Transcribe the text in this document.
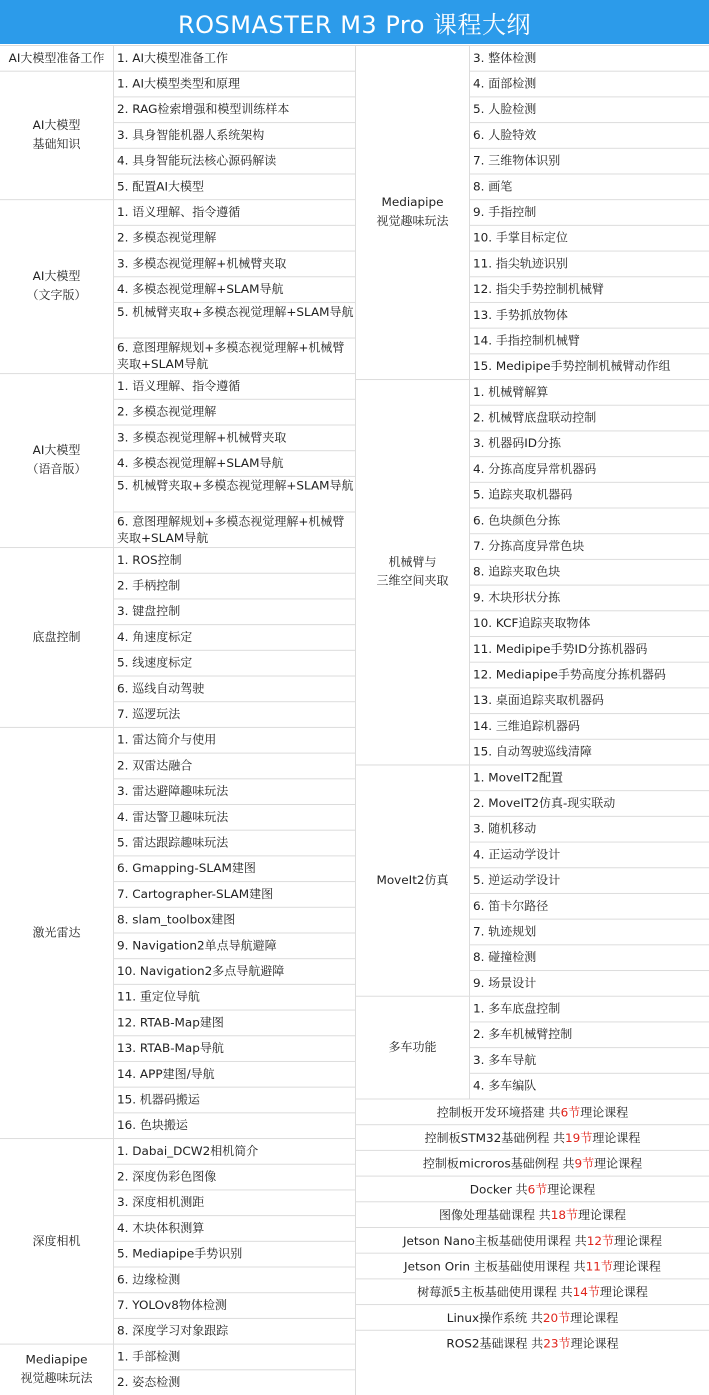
ROSMASTER M3 Pro 课程大纲
AI大模型准备工作	1. AI大模型准备工作
AI大模型
基础知识
1. AI大模型类型和原理
2. RAG检索增强和模型训练样本
3. 具身智能机器人系统架构
4. 具身智能玩法核心源码解读
5. 配置AI大模型
AI大模型
（文字版）
1. 语义理解、指令遵循
2. 多模态视觉理解
3. 多模态视觉理解+机械臂夹取
4. 多模态视觉理解+SLAM导航
5. 机械臂夹取+多模态视觉理解+SLAM导航
6. 意图理解规划+多模态视觉理解+机械臂夹取+SLAM导航
AI大模型
（语音版）
1. 语义理解、指令遵循
2. 多模态视觉理解
3. 多模态视觉理解+机械臂夹取
4. 多模态视觉理解+SLAM导航
5. 机械臂夹取+多模态视觉理解+SLAM导航
6. 意图理解规划+多模态视觉理解+机械臂夹取+SLAM导航
底盘控制
1. ROS控制
2. 手柄控制
3. 键盘控制
4. 角速度标定
5. 线速度标定
6. 巡线自动驾驶
7. 巡逻玩法
激光雷达
1. 雷达简介与使用
2. 双雷达融合
3. 雷达避障趣味玩法
4. 雷达警卫趣味玩法
5. 雷达跟踪趣味玩法
6. Gmapping-SLAM建图
7. Cartographer-SLAM建图
8. slam_toolbox建图
9. Navigation2单点导航避障
10. Navigation2多点导航避障
11. 重定位导航
12. RTAB-Map建图
13. RTAB-Map导航
14. APP建图/导航
15. 机器码搬运
16. 色块搬运
深度相机
1. Dabai_DCW2相机简介
2. 深度伪彩色图像
3. 深度相机测距
4. 木块体积测算
5. Mediapipe手势识别
6. 边缘检测
7. YOLOv8物体检测
8. 深度学习对象跟踪
Mediapipe
视觉趣味玩法
1. 手部检测
2. 姿态检测
Mediapipe
视觉趣味玩法
3. 整体检测
4. 面部检测
5. 人脸检测
6. 人脸特效
7. 三维物体识别
8. 画笔
9. 手指控制
10. 手掌目标定位
11. 指尖轨迹识别
12. 指尖手势控制机械臂
13. 手势抓放物体
14. 手指控制机械臂
15. Medipipe手势控制机械臂动作组
机械臂与
三维空间夹取
1. 机械臂解算
2. 机械臂底盘联动控制
3. 机器码ID分拣
4. 分拣高度异常机器码
5. 追踪夹取机器码
6. 色块颜色分拣
7. 分拣高度异常色块
8. 追踪夹取色块
9. 木块形状分拣
10. KCF追踪夹取物体
11. Medipipe手势ID分拣机器码
12. Mediapipe手势高度分拣机器码
13. 桌面追踪夹取机器码
14. 三维追踪机器码
15. 自动驾驶巡线清障
MoveIt2仿真
1. MoveIT2配置
2. MoveIT2仿真-现实联动
3. 随机移动
4. 正运动学设计
5. 逆运动学设计
6. 笛卡尔路径
7. 轨迹规划
8. 碰撞检测
9. 场景设计
多车功能
1. 多车底盘控制
2. 多车机械臂控制
3. 多车导航
4. 多车编队
控制板开发环境搭建 共 6节 理论课程
控制板STM32基础例程 共 19节 理论课程
控制板microros基础例程 共 9节 理论课程
Docker 共 6节 理论课程
图像处理基础课程 共 18节 理论课程
Jetson Nano主板基础使用课程 共 12节 理论课程
Jetson Orin 主板基础使用课程 共 11节 理论课程
树莓派5主板基础使用课程 共 14节 理论课程
Linux操作系统 共 20节 理论课程
ROS2基础课程 共 23节 理论课程
